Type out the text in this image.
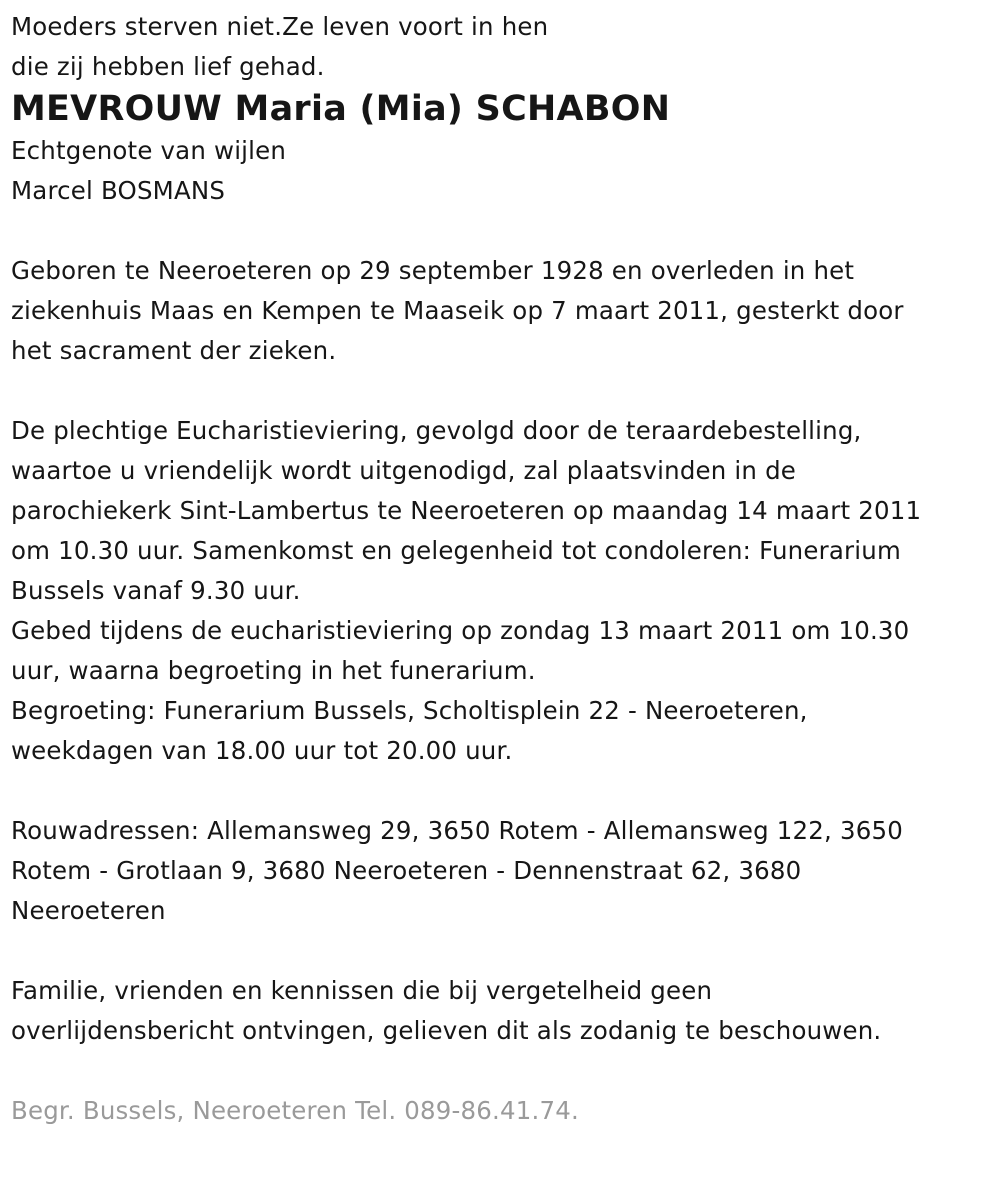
Moeders sterven niet.Ze leven voort in hen
die zij hebben lief gehad.
MEVROUW Maria (Mia) SCHABON
Echtgenote van wijlen
Marcel BOSMANS
Geboren te Neeroeteren op 29 september 1928 en overleden in het
ziekenhuis Maas en Kempen te Maaseik op 7 maart 2011, gesterkt door
het sacrament der zieken.
De plechtige Eucharistieviering, gevolgd door de teraardebestelling,
waartoe u vriendelijk wordt uitgenodigd, zal plaatsvinden in de
parochiekerk Sint-Lambertus te Neeroeteren op maandag 14 maart 2011
om 10.30 uur. Samenkomst en gelegenheid tot condoleren: Funerarium
Bussels vanaf 9.30 uur.
Gebed tijdens de eucharistieviering op zondag 13 maart 2011 om 10.30
uur, waarna begroeting in het funerarium.
Begroeting: Funerarium Bussels, Scholtisplein 22 - Neeroeteren,
weekdagen van 18.00 uur tot 20.00 uur.
Rouwadressen: Allemansweg 29, 3650 Rotem - Allemansweg 122, 3650
Rotem - Grotlaan 9, 3680 Neeroeteren - Dennenstraat 62, 3680
Neeroeteren
Familie, vrienden en kennissen die bij vergetelheid geen
overlijdensbericht ontvingen, gelieven dit als zodanig te beschouwen.
Begr. Bussels, Neeroeteren Tel. 089-86.41.74.
